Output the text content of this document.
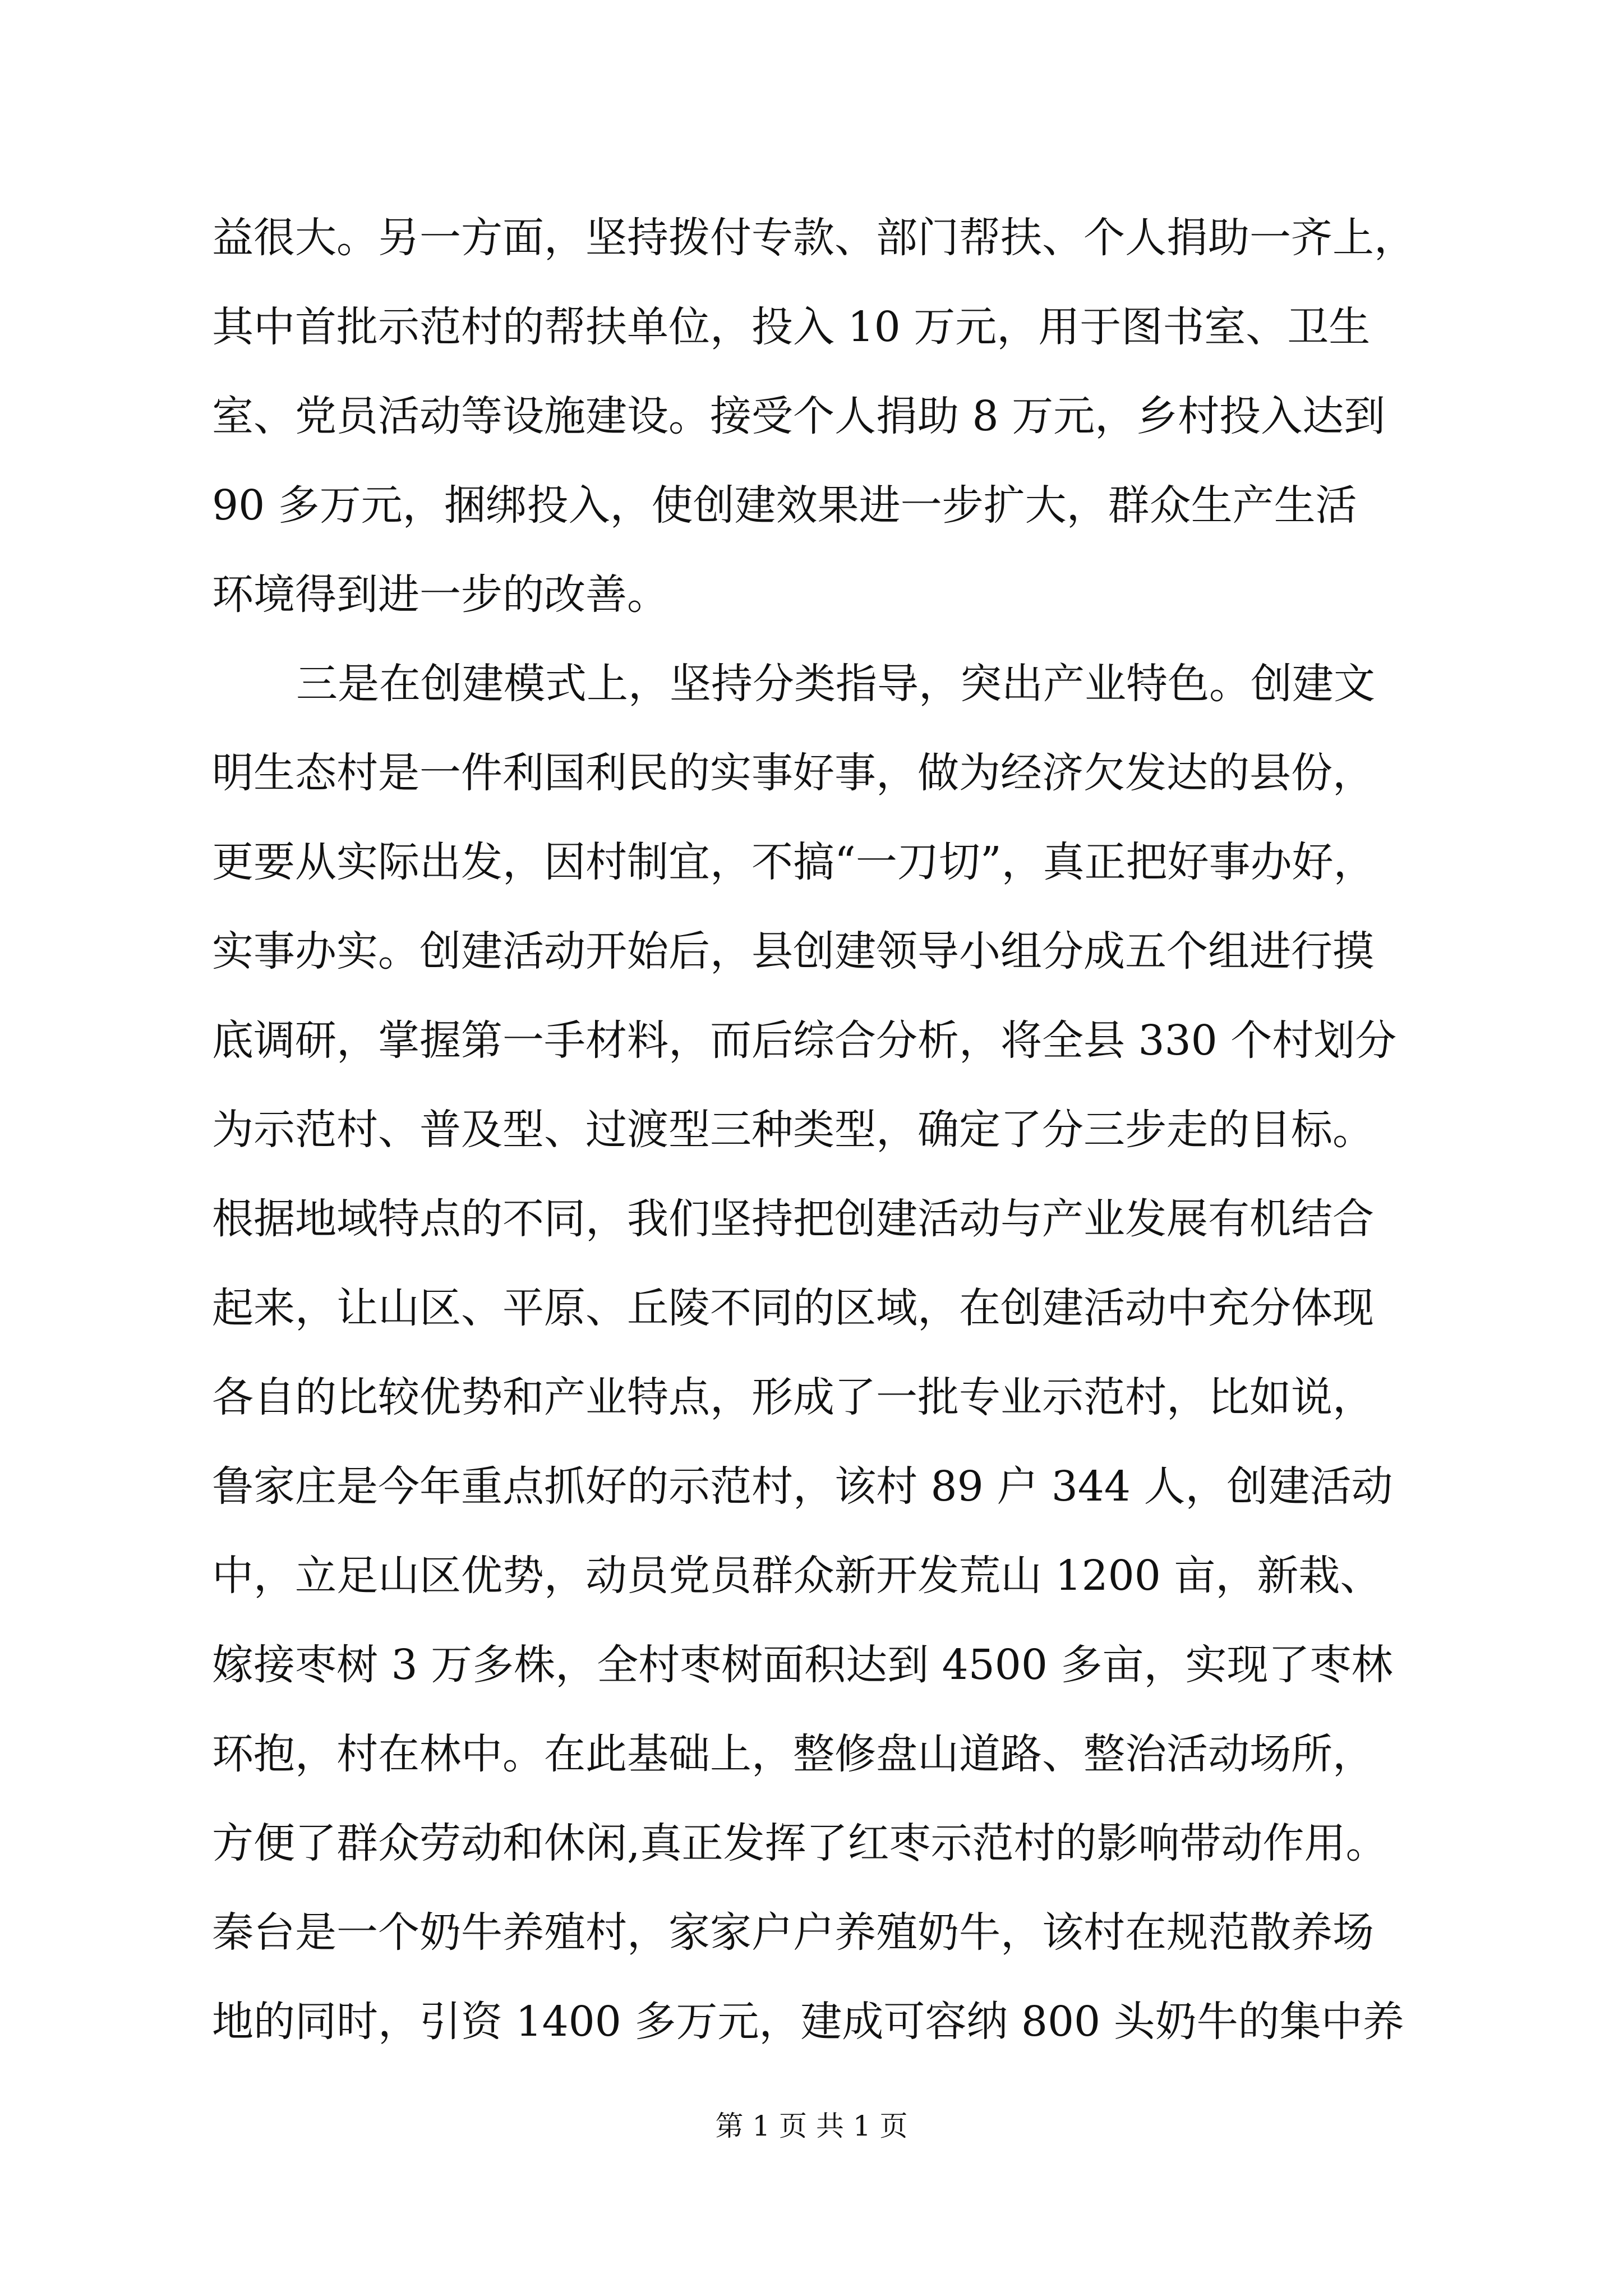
益很大。另一方面，坚持拨付专款、部门帮扶、个人捐助一齐上，
其中首批示范村的帮扶单位，投入 10 万元，用于图书室、卫生
室、党员活动等设施建设。接受个人捐助 8 万元，乡村投入达到
90 多万元，捆绑投入，使创建效果进一步扩大，群众生产生活
环境得到进一步的改善。
三是在创建模式上，坚持分类指导，突出产业特色。创建文
明生态村是一件利国利民的实事好事，做为经济欠发达的县份，
更要从实际出发，因村制宜，不搞“一刀切”，真正把好事办好，
实事办实。创建活动开始后，县创建领导小组分成五个组进行摸
底调研，掌握第一手材料，而后综合分析，将全县 330 个村划分
为示范村、普及型、过渡型三种类型，确定了分三步走的目标。
根据地域特点的不同，我们坚持把创建活动与产业发展有机结合
起来，让山区、平原、丘陵不同的区域，在创建活动中充分体现
各自的比较优势和产业特点，形成了一批专业示范村，比如说，
鲁家庄是今年重点抓好的示范村，该村 89 户 344 人，创建活动
中，立足山区优势，动员党员群众新开发荒山 1200 亩，新栽、
嫁接枣树 3 万多株，全村枣树面积达到 4500 多亩，实现了枣林
环抱，村在林中。在此基础上，整修盘山道路、整治活动场所，
方便了群众劳动和休闲,真正发挥了红枣示范村的影响带动作用。
秦台是一个奶牛养殖村，家家户户养殖奶牛，该村在规范散养场
地的同时，引资 1400 多万元，建成可容纳 800 头奶牛的集中养
第 1 页 共 1 页
